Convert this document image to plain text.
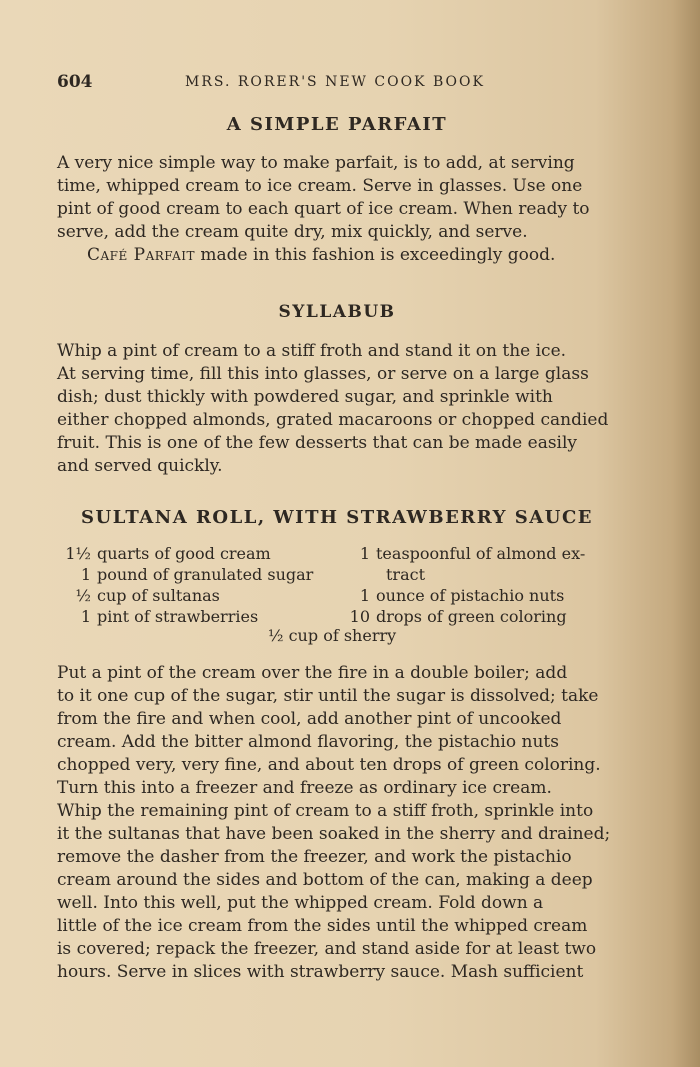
604	MRS. RORER'S NEW COOK BOOK
A SIMPLE PARFAIT
A very nice simple way to make parfait, is to add, at serving
time, whipped cream to ice cream. Serve in glasses. Use one
pint of good cream to each quart of ice cream. When ready to
serve, add the cream quite dry, mix quickly, and serve.
Café Parfait made in this fashion is exceedingly good.
SYLLABUB
Whip a pint of cream to a stiff froth and stand it on the ice.
At serving time, fill this into glasses, or serve on a large glass
dish; dust thickly with powdered sugar, and sprinkle with
either chopped almonds, grated macaroons or chopped candied
fruit. This is one of the few desserts that can be made easily
and served quickly.
SULTANA ROLL, WITH STRAWBERRY SAUCE
1½ quarts of good cream
1 pound of granulated sugar
½ cup of sultanas
1 pint of strawberries
1 teaspoonful of almond ex-
tract
1 ounce of pistachio nuts
10 drops of green coloring
½ cup of sherry
Put a pint of the cream over the fire in a double boiler; add
to it one cup of the sugar, stir until the sugar is dissolved; take
from the fire and when cool, add another pint of uncooked
cream. Add the bitter almond flavoring, the pistachio nuts
chopped very, very fine, and about ten drops of green coloring.
Turn this into a freezer and freeze as ordinary ice cream.
Whip the remaining pint of cream to a stiff froth, sprinkle into
it the sultanas that have been soaked in the sherry and drained;
remove the dasher from the freezer, and work the pistachio
cream around the sides and bottom of the can, making a deep
well. Into this well, put the whipped cream. Fold down a
little of the ice cream from the sides until the whipped cream
is covered; repack the freezer, and stand aside for at least two
hours. Serve in slices with strawberry sauce. Mash sufficient
